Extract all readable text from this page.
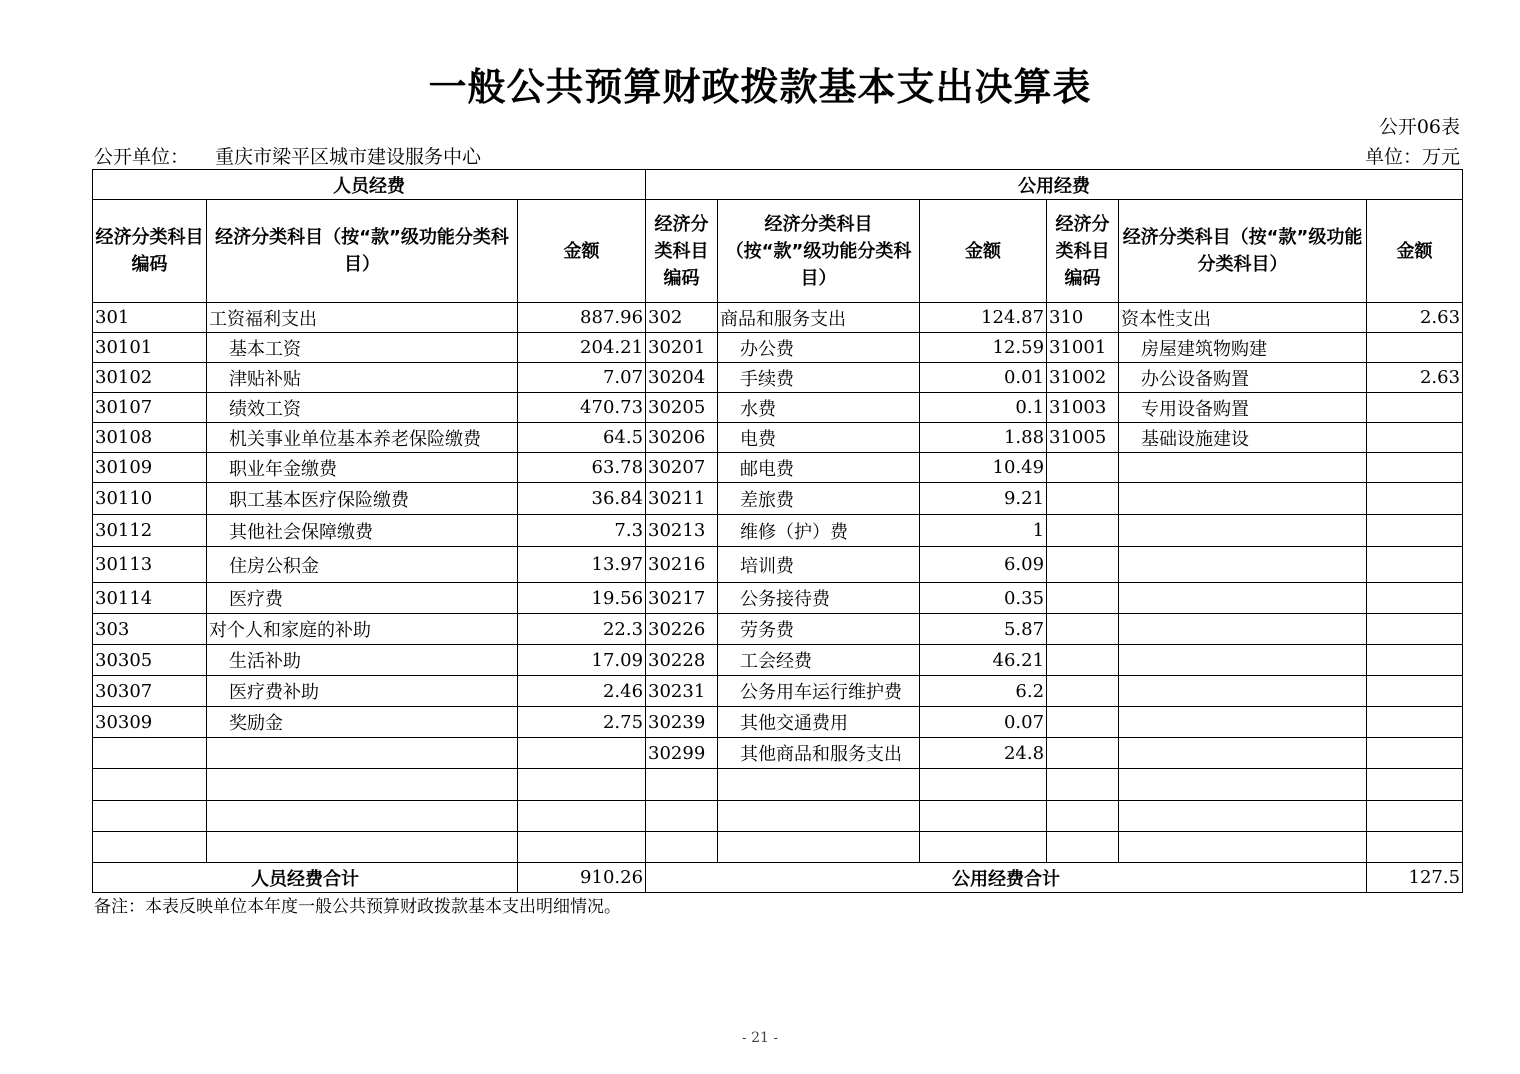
一般公共预算财政拨款基本支出决算表
公开06表
公开单位： 重庆市梁平区城市建设服务中心	单位：万元
人员经费			公用经费					
经济分类科目编码	经济分类科目（按“款”级功能分类科目）	金额	经济分类科目编码	经济分类科目（按“款”级功能分类科目）	金额	经济分类科目编码	经济分类科目（按“款”级功能分类科目）	金额
301	工资福利支出	887.96	302	商品和服务支出	124.87	310	资本性支出	2.63
30101	基本工资	204.21	30201	办公费	12.59	31001	房屋建筑物购建	
30102	津贴补贴	7.07	30204	手续费	0.01	31002	办公设备购置	2.63
30107	绩效工资	470.73	30205	水费	0.1	31003	专用设备购置	
30108	机关事业单位基本养老保险缴费	64.5	30206	电费	1.88	31005	基础设施建设	
30109	职业年金缴费	63.78	30207	邮电费	10.49			
30110	职工基本医疗保险缴费	36.84	30211	差旅费	9.21			
30112	其他社会保障缴费	7.3	30213	维修（护）费	1			
30113	住房公积金	13.97	30216	培训费	6.09			
30114	医疗费	19.56	30217	公务接待费	0.35			
303	对个人和家庭的补助	22.3	30226	劳务费	5.87			
30305	生活补助	17.09	30228	工会经费	46.21			
30307	医疗费补助	2.46	30231	公务用车运行维护费	6.2			
30309	奖励金	2.75	30239	其他交通费用	0.07			
			30299	其他商品和服务支出	24.8			

人员经费合计		910.26	公用经费合计					127.5
备注：本表反映单位本年度一般公共预算财政拨款基本支出明细情况。
- 21 -
